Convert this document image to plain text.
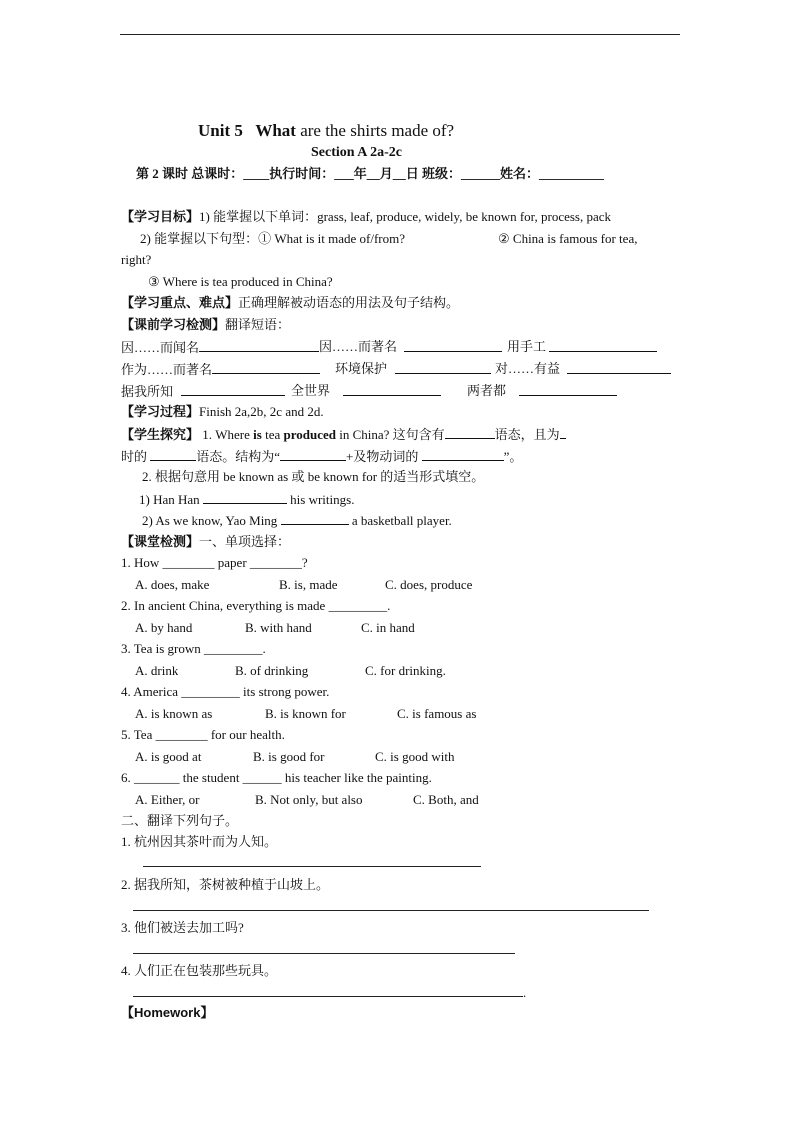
Unit 5 What are the shirts made of?
Section A 2a-2c
第 2 课时 总课时：____执行时间：___年__月__日 班级：______姓名：__________
【学习目标】1) 能掌握以下单词：grass, leaf, produce, widely, be known for, process, pack
2) 能掌握以下句型：① What is it made of/from?	② China is famous for tea,
right?
③ Where is tea produced in China?
【学习重点、难点】正确理解被动语态的用法及句子结构。
【课前学习检测】翻译短语：
因……而闻名	因……而著名	用手工
作为……而著名	环境保护	对……有益
据我所知	全世界	两者都
【学习过程】Finish 2a,2b, 2c and 2d.
【学生探究】 1. Where is tea produced in China? 这句含有	语态，且为
时的	语态。结构为“	+及物动词的	”。
2. 根据句意用 be known as 或 be known for 的适当形式填空。
1) Han Han	his writings.
2) As we know, Yao Ming	a basketball player.
【课堂检测】一、单项选择：
1. How ________ paper ________?
A. does, make	B. is, made	C. does, produce
2. In ancient China, everything is made _________.
A. by hand	B. with hand	C. in hand
3. Tea is grown _________.
A. drink	B. of drinking	C. for drinking.
4. America _________ its strong power.
A. is known as	B. is known for	C. is famous as
5. Tea ________ for our health.
A. is good at	B. is good for	C. is good with
6. _______ the student ______ his teacher like the painting.
A. Either, or	B. Not only, but also	C. Both, and
二、翻译下列句子。
1. 杭州因其茶叶而为人知。
2. 据我所知，茶树被种植于山坡上。
3. 他们被送去加工吗?
4. 人们正在包装那些玩具。
.
【Homework】
